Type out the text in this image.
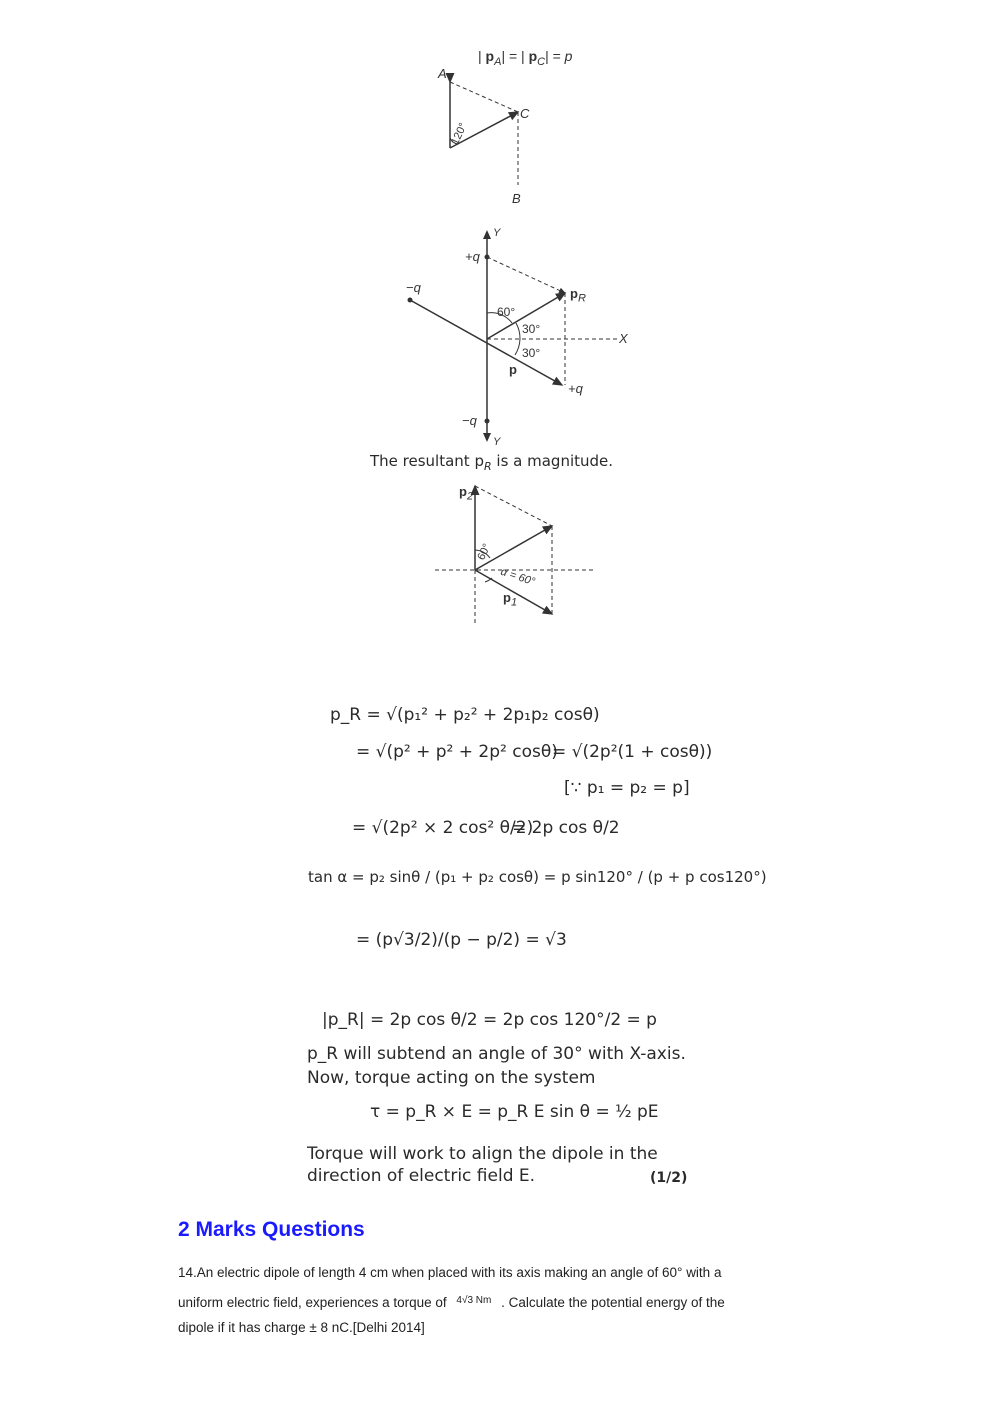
| $p_A|$ = | $p_C| = p$
A
C
B
120°
Y
Y
X
+q
−q
+q
−q
$p_R$
p
60°
30°
30°
The resultant $p_R$ is a magnitude.
$p_2$
$p_1$
60°
α = 60°
p_R = √(p₁² + p₂² + 2p₁p₂ cosθ)
= √(p² + p² + 2p² cosθ)
= √(2p²(1 + cosθ))
[∵ p₁ = p₂ = p]
= √(2p² × 2 cos² θ/2)
= 2p cos θ/2
tan α = p₂ sinθ / (p₁ + p₂ cosθ) = p sin120° / (p + p cos120°)
= (p√3/2)/(p − p/2) = √3
|p_R| = 2p cos θ/2 = 2p cos 120°/2 = p
p_R will subtend an angle of 30° with X-axis.
Now, torque acting on the system
τ = p_R × E = p_R E sin θ = ½ pE
Torque will work to align the dipole in the
direction of electric field E.	(1/2)
2 Marks Questions
14.An electric dipole of length 4 cm when placed with its axis making an angle of 60° with a
uniform electric field, experiences a torque of $^{4√3 Nm}$ . Calculate the potential energy of the
dipole if it has charge ± 8 nC.[Delhi 2014]
